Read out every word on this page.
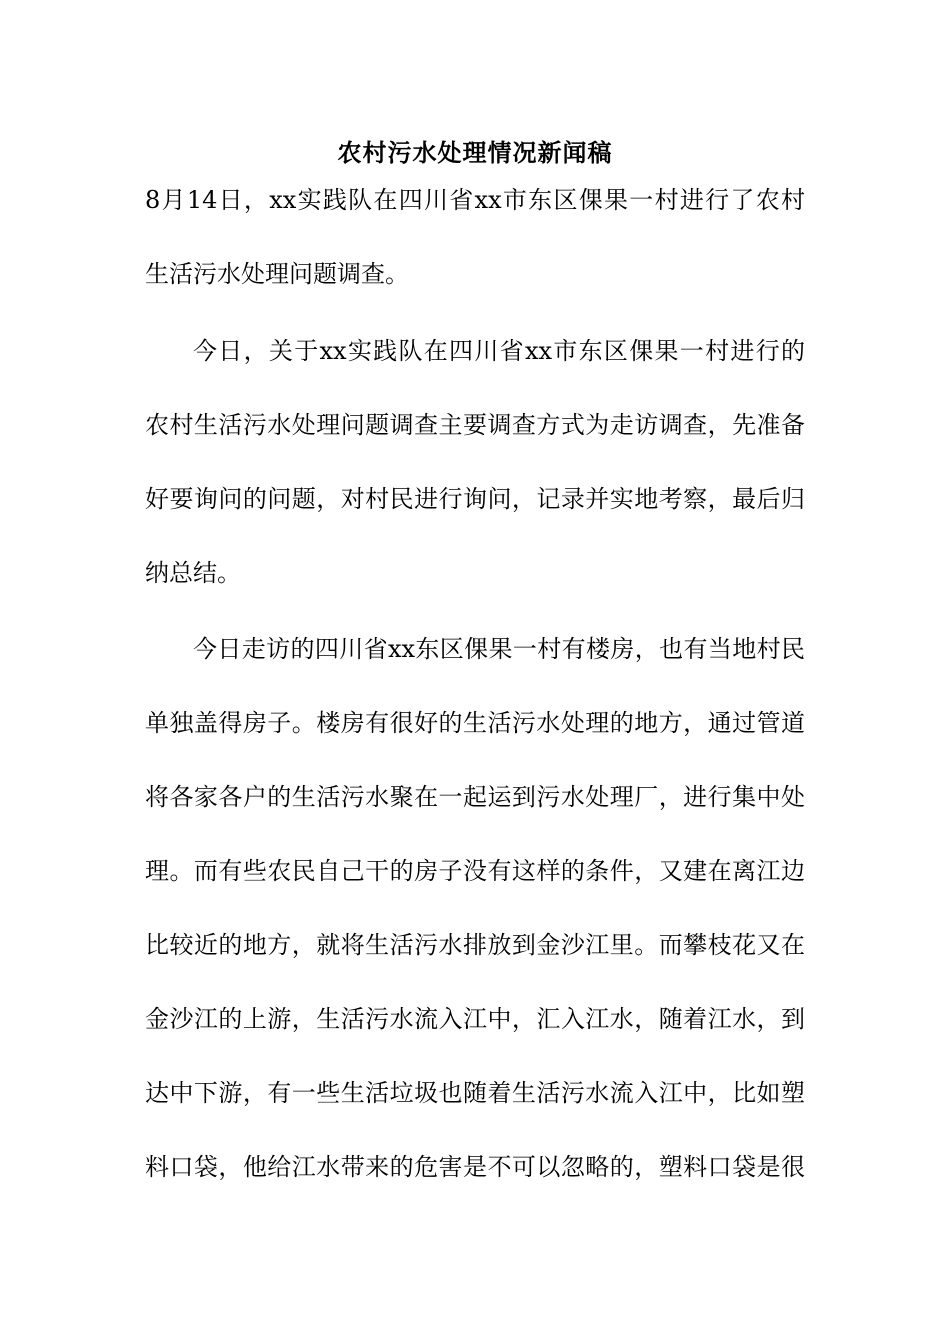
农村污水处理情况新闻稿
8月14日，xx实践队在四川省xx市东区倮果一村进行了农村
生活污水处理问题调查。
今日，关于xx实践队在四川省xx市东区倮果一村进行的
农村生活污水处理问题调查主要调查方式为走访调查，先准备
好要询问的问题，对村民进行询问，记录并实地考察，最后归
纳总结。
今日走访的四川省xx东区倮果一村有楼房，也有当地村民
单独盖得房子。楼房有很好的生活污水处理的地方，通过管道
将各家各户的生活污水聚在一起运到污水处理厂，进行集中处
理。而有些农民自己干的房子没有这样的条件，又建在离江边
比较近的地方，就将生活污水排放到金沙江里。而攀枝花又在
金沙江的上游，生活污水流入江中，汇入江水，随着江水，到
达中下游，有一些生活垃圾也随着生活污水流入江中，比如塑
料口袋，他给江水带来的危害是不可以忽略的，塑料口袋是很
